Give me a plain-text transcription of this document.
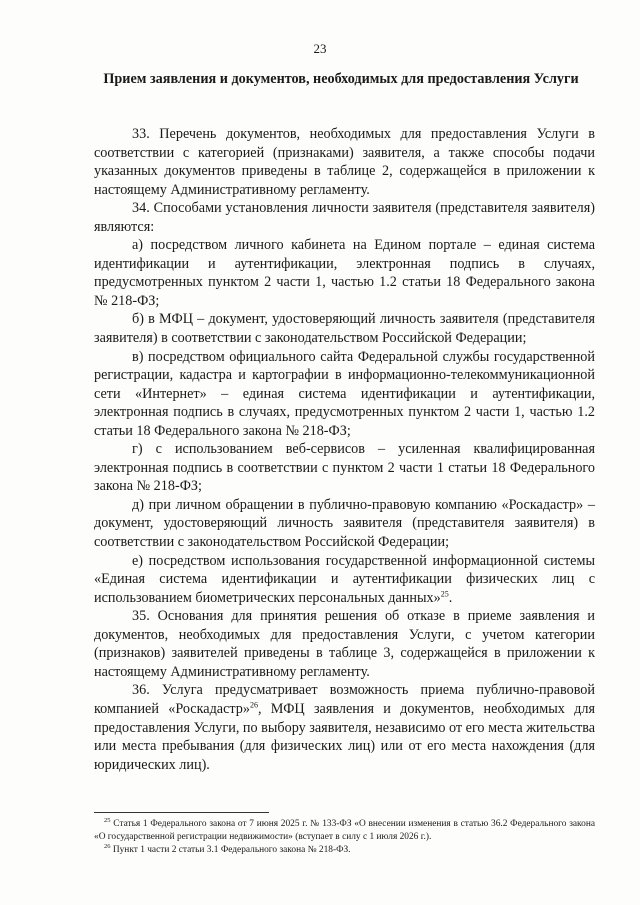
23
Прием заявления и документов, необходимых для предоставления Услуги

33. Перечень документов, необходимых для предоставления Услуги в соответствии с категорией (признаками) заявителя, а также способы подачи указанных документов приведены в таблице 2, содержащейся в приложении к настоящему Административному регламенту.

34. Способами установления личности заявителя (представителя заявителя) являются:

а) посредством личного кабинета на Едином портале – единая система идентификации и аутентификации, электронная подпись в случаях, предусмотренных пунктом 2 части 1, частью 1.2 статьи 18 Федерального закона № 218-ФЗ;

б) в МФЦ – документ, удостоверяющий личность заявителя (представителя заявителя) в соответствии с законодательством Российской Федерации;

в) посредством официального сайта Федеральной службы государственной регистрации, кадастра и картографии в информационно-телекоммуникационной сети «Интернет» – единая система идентификации и аутентификации, электронная подпись в случаях, предусмотренных пунктом 2 части 1, частью 1.2 статьи 18 Федерального закона № 218-ФЗ;

г) с использованием веб-сервисов – усиленная квалифицированная электронная подпись в соответствии с пунктом 2 части 1 статьи 18 Федерального закона № 218-ФЗ;

д) при личном обращении в публично-правовую компанию «Роскадастр» – документ, удостоверяющий личность заявителя (представителя заявителя) в соответствии с законодательством Российской Федерации;

е) посредством использования государственной информационной системы «Единая система идентификации и аутентификации физических лиц с использованием биометрических персональных данных»$^{25}$.

35. Основания для принятия решения об отказе в приеме заявления и документов, необходимых для предоставления Услуги, с учетом категории (признаков) заявителей приведены в таблице 3, содержащейся в приложении к настоящему Административному регламенту.

36. Услуга предусматривает возможность приема публично-правовой компанией «Роскадастр»$^{26}$, МФЦ заявления и документов, необходимых для предоставления Услуги, по выбору заявителя, независимо от его места жительства или места пребывания (для физических лиц) или от его места нахождения (для юридических лиц).

$^{25}$ Статья 1 Федерального закона от 7 июня 2025 г. № 133-ФЗ «О внесении изменения в статью 36.2 Федерального закона «О государственной регистрации недвижимости» (вступает в силу с 1 июля 2026 г.).

$^{26}$ Пункт 1 части 2 статьи 3.1 Федерального закона № 218-ФЗ.
